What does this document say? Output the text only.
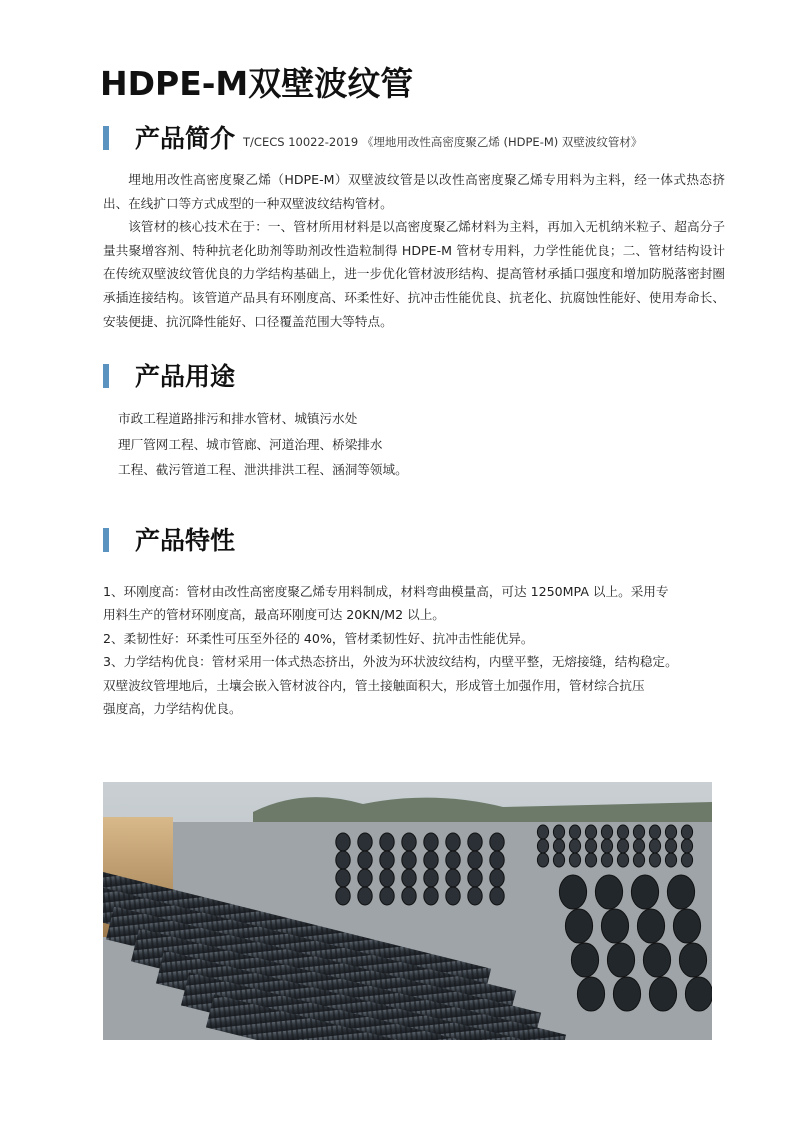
HDPE-M双壁波纹管
产品简介 T/CECS 10022-2019 《埋地用改性高密度聚乙烯 (HDPE-M) 双壁波纹管材》

埋地用改性高密度聚乙烯（HDPE-M）双壁波纹管是以改性高密度聚乙烯专用料为主料，经一体式热态挤出、在线扩口等方式成型的一种双壁波纹结构管材。

该管材的核心技术在于：一、管材所用材料是以高密度聚乙烯材料为主料，再加入无机纳米粒子、超高分子量共聚增容剂、特种抗老化助剂等助剂改性造粒制得 HDPE-M 管材专用料，力学性能优良；二、管材结构设计在传统双壁波纹管优良的力学结构基础上，进一步优化管材波形结构、提高管材承插口强度和增加防脱落密封圈承插连接结构。该管道产品具有环刚度高、环柔性好、抗冲击性能优良、抗老化、抗腐蚀性能好、使用寿命长、安装便捷、抗沉降性能好、口径覆盖范围大等特点。

产品用途
市政工程道路排污和排水管材、城镇污水处
理厂管网工程、城市管廊、河道治理、桥梁排水
工程、截污管道工程、泄洪排洪工程、涵洞等领域。
产品特性
1、环刚度高：管材由改性高密度聚乙烯专用料制成，材料弯曲模量高，可达 1250MPA 以上。采用专
用料生产的管材环刚度高，最高环刚度可达 20KN/M2 以上。
2、柔韧性好：环柔性可压至外径的 40%，管材柔韧性好、抗冲击性能优异。
3、力学结构优良：管材采用一体式热态挤出，外波为环状波纹结构，内壁平整，无熔接缝，结构稳定。
双壁波纹管埋地后，土壤会嵌入管材波谷内，管土接触面积大，形成管土加强作用，管材综合抗压
强度高，力学结构优良。
